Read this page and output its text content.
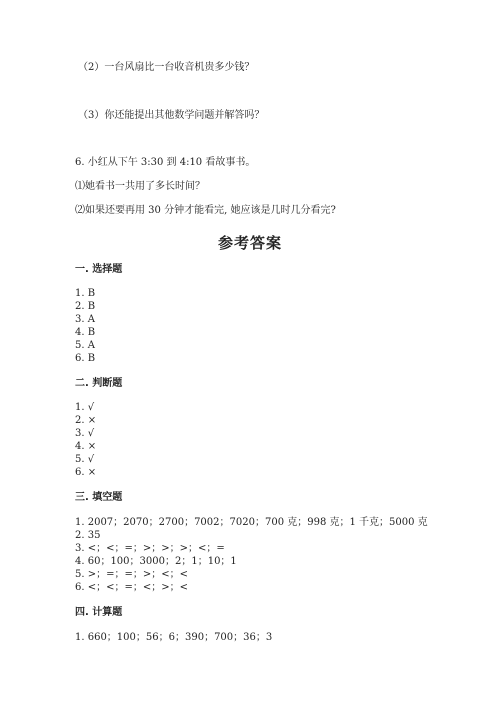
（2）一台风扇比一台收音机贵多少钱？
（3）你还能提出其他数学问题并解答吗？
6. 小红从下午 3:30 到 4:10 看故事书。
⑴她看书一共用了多长时间？
⑵如果还要再用 30 分钟才能看完, 她应该是几时几分看完?
参考答案
一. 选择题
1. B
2. B
3. A
4. B
5. A
6. B
二. 判断题
1. √
2. ×
3. √
4. ×
5. √
6. ×
三. 填空题
1. 2007；2070；2700；7002；7020；700 克；998 克；1 千克；5000 克
2. 35
3. <；<；=；>；>；>；<；=
4. 60；100；3000；2；1；10；1
5. >；=；=；>；<；<
6. <；<；=；<；>；<
四. 计算题
1. 660；100；56；6；390；700；36；3
